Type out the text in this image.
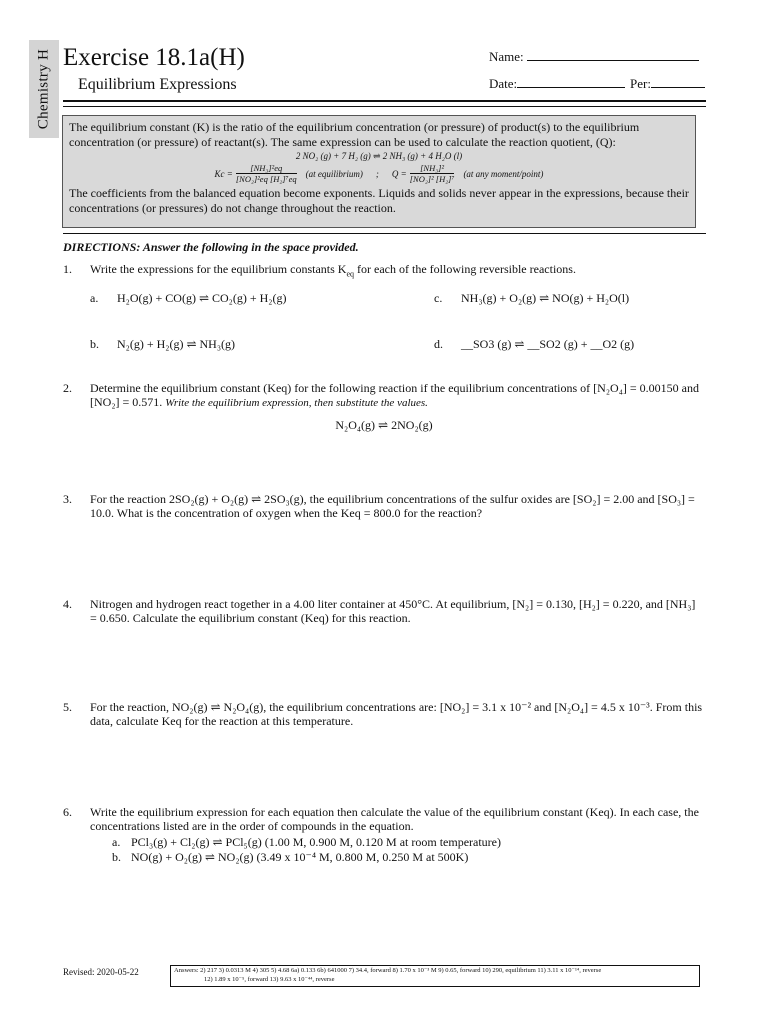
Chemistry H Exercise 18.1a(H)
Equilibrium Expressions
Name:
Date:	Per:
The equilibrium constant (K) is the ratio of the equilibrium concentration (or pressure) of product(s) to the equilibrium concentration (or pressure) of reactant(s). The same expression can be used to calculate the reaction quotient, (Q):
2 NO₂ (g) + 7 H₂ (g) ⇌ 2 NH₃ (g) + 4 H₂O (l)
$Kc = \frac{\text{[NH₃]²eq}}{\text{[NO₂]²eq [H₂]⁷eq}} (at$ equilibrium) ; $Q = \frac{\text{[NH₃]²}}{\text{[NO₂]² [H₂]⁷}} (at$ any moment/point)
The coefficients from the balanced equation become exponents. Liquids and solids never appear in the expressions, because their concentrations (or pressures) do not change throughout the reaction.
DIRECTIONS: Answer the following in the space provided.
1. Write the expressions for the equilibrium constants $K_{eq}$ for each of the following reversible reactions.
a. H₂O(g) + CO(g) ⇌ CO₂(g) + H₂(g)	c. NH₃(g) + O₂(g) ⇌ NO(g) + H₂O(l)
b. N₂(g) + H₂(g) ⇌ NH₃(g)	d. __SO3 (g) ⇌ __SO2 (g) + __O2 (g)
2. Determine the equilibrium constant (Keq) for the following reaction if the equilibrium concentrations of [N₂O₄] = 0.00150 and [NO₂] = 0.571. Write the equilibrium expression, then substitute the values.
N₂O₄(g) ⇌ 2NO₂(g)
3. For the reaction 2SO₂(g) + O₂(g) ⇌ 2SO₃(g), the equilibrium concentrations of the sulfur oxides are [SO₂] = 2.00 and [SO₃] = 10.0. What is the concentration of oxygen when the Keq = 800.0 for the reaction?
4. Nitrogen and hydrogen react together in a 4.00 liter container at 450°C. At equilibrium, [N₂] = 0.130, [H₂] = 0.220, and [NH₃] = 0.650. Calculate the equilibrium constant (Keq) for this reaction.
5. For the reaction, NO₂(g) ⇌ N₂O₄(g), the equilibrium concentrations are: [NO₂] = 3.1 x 10⁻² and [N₂O₄] = 4.5 x 10⁻³. From this data, calculate Keq for the reaction at this temperature.
6. Write the equilibrium expression for each equation then calculate the value of the equilibrium constant (Keq). In each case, the concentrations listed are in the order of compounds in the equation.
a. PCl₃(g) + Cl₂(g) ⇌ PCl₅(g) (1.00 M, 0.900 M, 0.120 M at room temperature)
b. NO(g) + O₂(g) ⇌ NO₂(g) (3.49 x 10⁻⁴ M, 0.800 M, 0.250 M at 500K)
Revised: 2020-05-22	Answers: 2) 217 3) 0.0313 M 4) 305 5) 4.68 6a) 0.133 6b) 641000 7) 34.4, forward 8) 1.70 x 10⁻³ M 9) 0.65, forward 10) 290, equilibrium 11) 3.11 x 10⁻¹⁴, reverse
12) 1.89 x 10⁻⁵, forward 13) 9.63 x 10⁻⁴⁴, reverse
